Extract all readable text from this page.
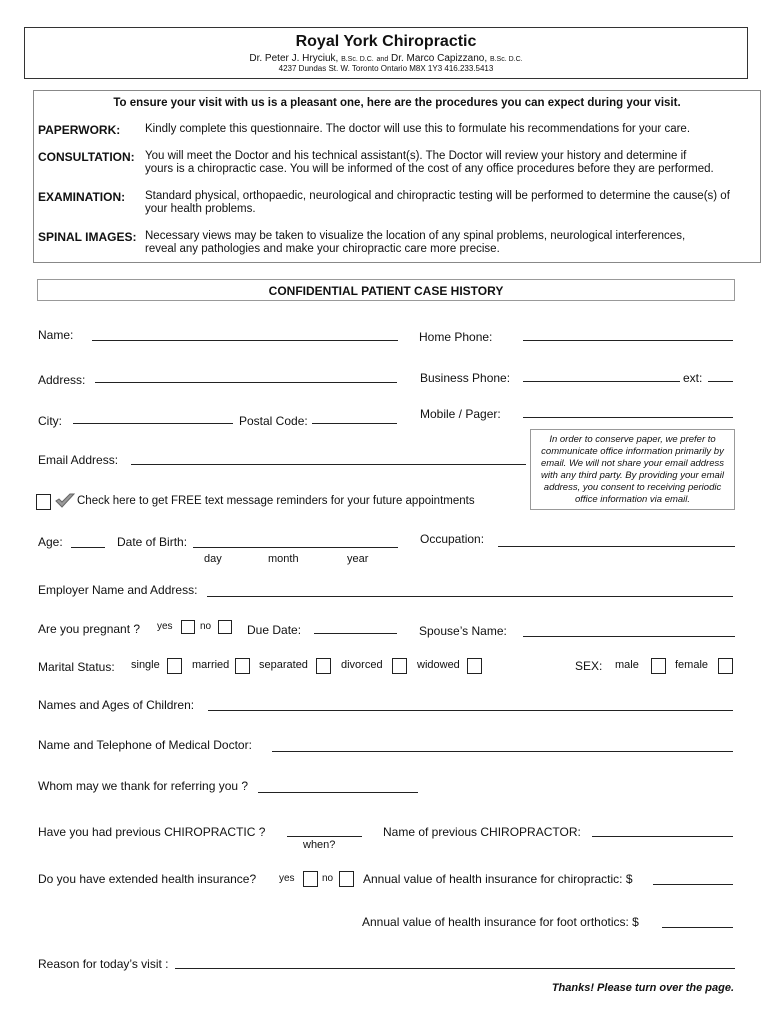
Royal York Chiropractic
Dr. Peter J. Hryciuk, B.Sc. D.C. and Dr. Marco Capizzano, B.Sc. D.C.
4237 Dundas St. W. Toronto Ontario M8X 1Y3 416.233.5413
To ensure your visit with us is a pleasant one, here are the procedures you can expect during your visit.
PAPERWORK: Kindly complete this questionnaire. The doctor will use this to formulate his recommendations for your care.
CONSULTATION: You will meet the Doctor and his technical assistant(s). The Doctor will review your history and determine if
yours is a chiropractic case. You will be informed of the cost of any office procedures before they are performed.
EXAMINATION: Standard physical, orthopaedic, neurological and chiropractic testing will be performed to determine the cause(s) of
your health problems.
SPINAL IMAGES: Necessary views may be taken to visualize the location of any spinal problems, neurological interferences,
reveal any pathologies and make your chiropractic care more precise.
CONFIDENTIAL PATIENT CASE HISTORY
Name:	Home Phone:
Address:	Business Phone:	ext:
City:	Postal Code:	Mobile / Pager:
In order to conserve paper, we prefer to communicate office information primarily by email. We will not share your email address with any third party. By providing your email address, you consent to receiving periodic office information via email.
Email Address:
Check here to get FREE text message reminders for your future appointments
Age:	Date of Birth:
day	month	year
Occupation:
Employer Name and Address:
Are you pregnant ? yes	no	Due Date:	Spouse’s Name:
Marital Status: single	married	separated	divorced	widowed	SEX: male	female
Names and Ages of Children:
Name and Telephone of Medical Doctor:
Whom may we thank for referring you ?
Have you had previous CHIROPRACTIC ?
when?
Name of previous CHIROPRACTOR:
Do you have extended health insurance? yes	no Annual value of health insurance for chiropractic: $
Annual value of health insurance for foot orthotics: $
Reason for today’s visit :
Thanks! Please turn over the page.
